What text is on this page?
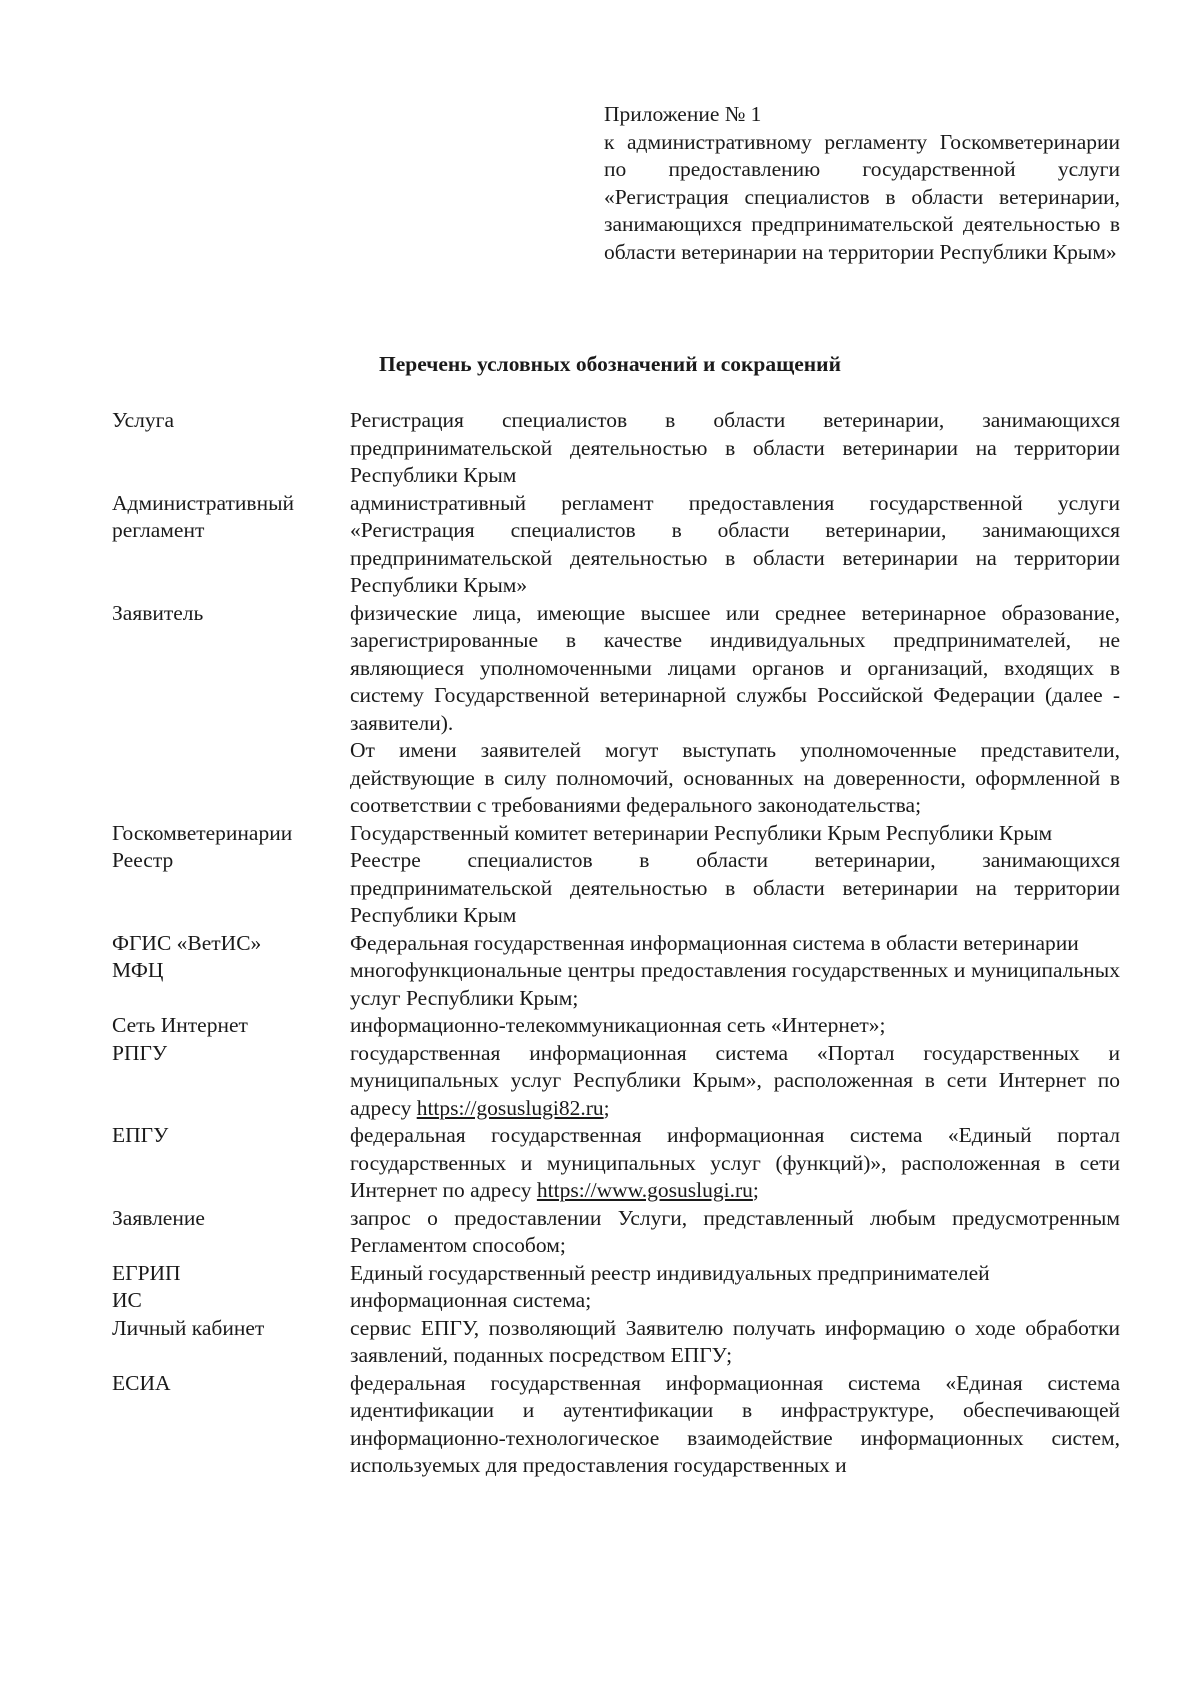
Приложение № 1
к административному регламенту Госкомветеринарии по предоставлению государственной услуги «Регистрация специалистов в области ветеринарии, занимающихся предпринимательской деятельностью в области ветеринарии на территории Республики Крым»
Перечень условных обозначений и сокращений
Услуга	Регистрация специалистов в области ветеринарии, занимающихся предпринимательской деятельностью в области ветеринарии на территории Республики Крым
Административный регламент	административный регламент предоставления государственной услуги «Регистрация специалистов в области ветеринарии, занимающихся предпринимательской деятельностью в области ветеринарии на территории Республики Крым»
Заявитель	физические лица, имеющие высшее или среднее ветеринарное образование, зарегистрированные в качестве индивидуальных предпринимателей, не являющиеся уполномоченными лицами органов и организаций, входящих в систему Государственной ветеринарной службы Российской Федерации (далее - заявители).

От имени заявителей могут выступать уполномоченные представители, действующие в силу полномочий, основанных на доверенности, оформленной в соответствии с требованиями федерального законодательства;

Госкомветеринарии	Государственный комитет ветеринарии Республики Крым Республики Крым
Реестр	Реестре специалистов в области ветеринарии, занимающихся предпринимательской деятельностью в области ветеринарии на территории Республики Крым
ФГИС «ВетИС»	Федеральная государственная информационная система в области ветеринарии
МФЦ	многофункциональные центры предоставления государственных и муниципальных услуг Республики Крым;
Сеть Интернет	информационно-телекоммуникационная сеть «Интернет»;
РПГУ	государственная информационная система «Портал государственных и муниципальных услуг Республики Крым», расположенная в сети Интернет по адресу https://gosuslugi82.ru;
ЕПГУ	федеральная государственная информационная система «Единый портал государственных и муниципальных услуг (функций)», расположенная в сети Интернет по адресу https://www.gosuslugi.ru;
Заявление	запрос о предоставлении Услуги, представленный любым предусмотренным Регламентом способом;
ЕГРИП	Единый государственный реестр индивидуальных предпринимателей
ИС	информационная система;
Личный кабинет	сервис ЕПГУ, позволяющий Заявителю получать информацию о ходе обработки заявлений, поданных посредством ЕПГУ;
ЕСИА	федеральная государственная информационная система «Единая система идентификации и аутентификации в инфраструктуре, обеспечивающей информационно-технологическое взаимодействие информационных систем, используемых для предоставления государственных и
